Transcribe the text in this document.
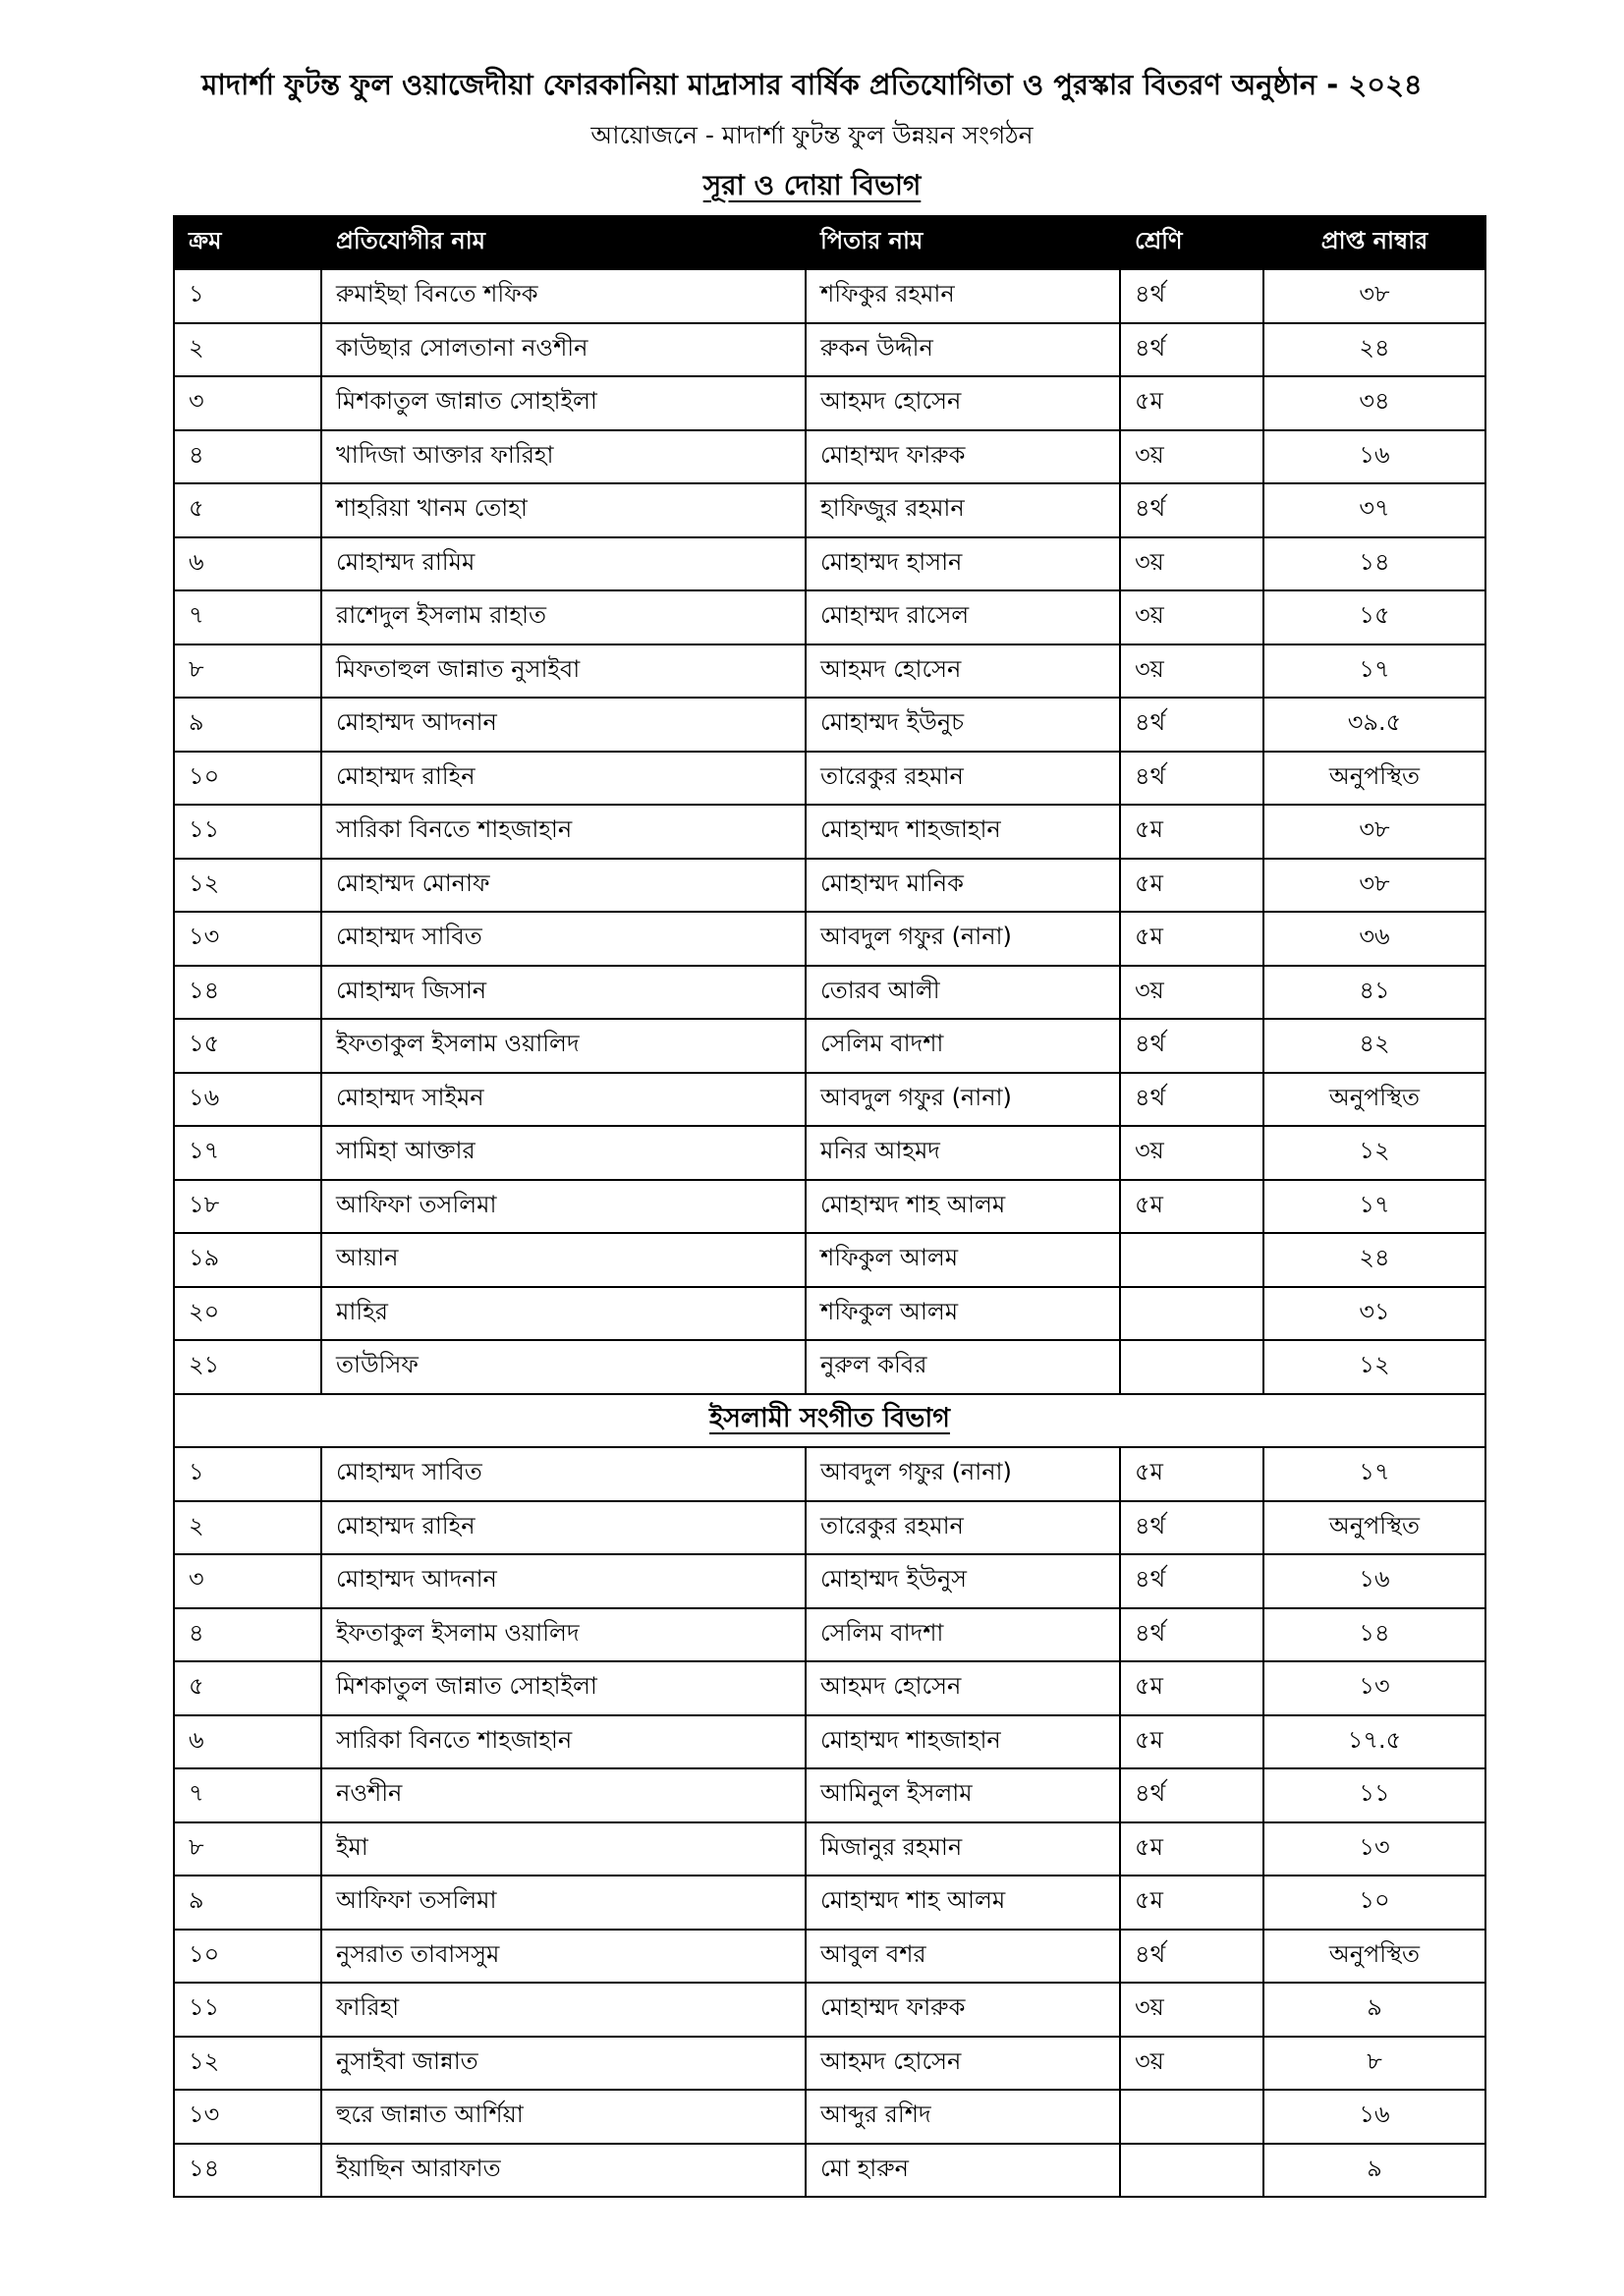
মাদার্শা ফুটন্ত ফুল ওয়াজেদীয়া ফোরকানিয়া মাদ্রাসার বার্ষিক প্রতিযোগিতা ও পুরস্কার বিতরণ অনুষ্ঠান - ২০২৪
আয়োজনে - মাদার্শা ফুটন্ত ফুল উন্নয়ন সংগঠন
সূরা ও দোয়া বিভাগ
ক্রম	প্রতিযোগীর নাম	পিতার নাম	শ্রেণি	প্রাপ্ত নাম্বার
১	রুমাইছা বিনতে শফিক	শফিকুর রহমান	৪র্থ	৩৮
২	কাউছার সোলতানা নওশীন	রুকন উদ্দীন	৪র্থ	২৪
৩	মিশকাতুল জান্নাত সোহাইলা	আহমদ হোসেন	৫ম	৩৪
৪	খাদিজা আক্তার ফারিহা	মোহাম্মদ ফারুক	৩য়	১৬
৫	শাহরিয়া খানম তোহা	হাফিজুর রহমান	৪র্থ	৩৭
৬	মোহাম্মদ রামিম	মোহাম্মদ হাসান	৩য়	১৪
৭	রাশেদুল ইসলাম রাহাত	মোহাম্মদ রাসেল	৩য়	১৫
৮	মিফতাহুল জান্নাত নুসাইবা	আহমদ হোসেন	৩য়	১৭
৯	মোহাম্মদ আদনান	মোহাম্মদ ইউনুচ	৪র্থ	৩৯.৫
১০	মোহাম্মদ রাহিন	তারেকুর রহমান	৪র্থ	অনুপস্থিত
১১	সারিকা বিনতে শাহজাহান	মোহাম্মদ শাহজাহান	৫ম	৩৮
১২	মোহাম্মদ মোনাফ	মোহাম্মদ মানিক	৫ম	৩৮
১৩	মোহাম্মদ সাবিত	আবদুল গফুর (নানা)	৫ম	৩৬
১৪	মোহাম্মদ জিসান	তোরব আলী	৩য়	৪১
১৫	ইফতাকুল ইসলাম ওয়ালিদ	সেলিম বাদশা	৪র্থ	৪২
১৬	মোহাম্মদ সাইমন	আবদুল গফুর (নানা)	৪র্থ	অনুপস্থিত
১৭	সামিহা আক্তার	মনির আহমদ	৩য়	১২
১৮	আফিফা তসলিমা	মোহাম্মদ শাহ আলম	৫ম	১৭
১৯	আয়ান	শফিকুল আলম		২৪
২০	মাহির	শফিকুল আলম		৩১
২১	তাউসিফ	নুরুল কবির		১২
ইসলামী সংগীত বিভাগ				
১	মোহাম্মদ সাবিত	আবদুল গফুর (নানা)	৫ম	১৭
২	মোহাম্মদ রাহিন	তারেকুর রহমান	৪র্থ	অনুপস্থিত
৩	মোহাম্মদ আদনান	মোহাম্মদ ইউনুস	৪র্থ	১৬
৪	ইফতাকুল ইসলাম ওয়ালিদ	সেলিম বাদশা	৪র্থ	১৪
৫	মিশকাতুল জান্নাত সোহাইলা	আহমদ হোসেন	৫ম	১৩
৬	সারিকা বিনতে শাহজাহান	মোহাম্মদ শাহজাহান	৫ম	১৭.৫
৭	নওশীন	আমিনুল ইসলাম	৪র্থ	১১
৮	ইমা	মিজানুর রহমান	৫ম	১৩
৯	আফিফা তসলিমা	মোহাম্মদ শাহ আলম	৫ম	১০
১০	নুসরাত তাবাসসুম	আবুল বশর	৪র্থ	অনুপস্থিত
১১	ফারিহা	মোহাম্মদ ফারুক	৩য়	৯
১২	নুসাইবা জান্নাত	আহমদ হোসেন	৩য়	৮
১৩	হুরে জান্নাত আর্শিয়া	আব্দুর রশিদ		১৬
১৪	ইয়াছিন আরাফাত	মো হারুন		৯
